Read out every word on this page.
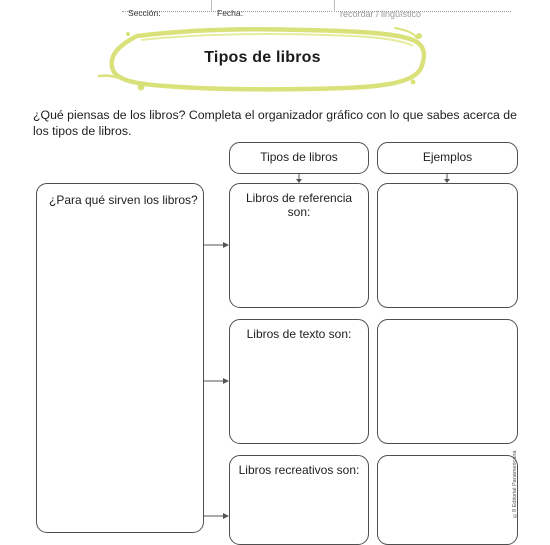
Sección:	Fecha:	recordar / lingüístico
Tipos de libros

¿Qué piensas de los libros? Completa el organizador gráfico con lo que sabes acerca de los tipos de libros.

Tipos de libros	Ejemplos
¿Para qué sirven los libros?	Libros de referencia son:
Libros de texto son:
Libros recreativos son:	©8 Editorial Panamericana
